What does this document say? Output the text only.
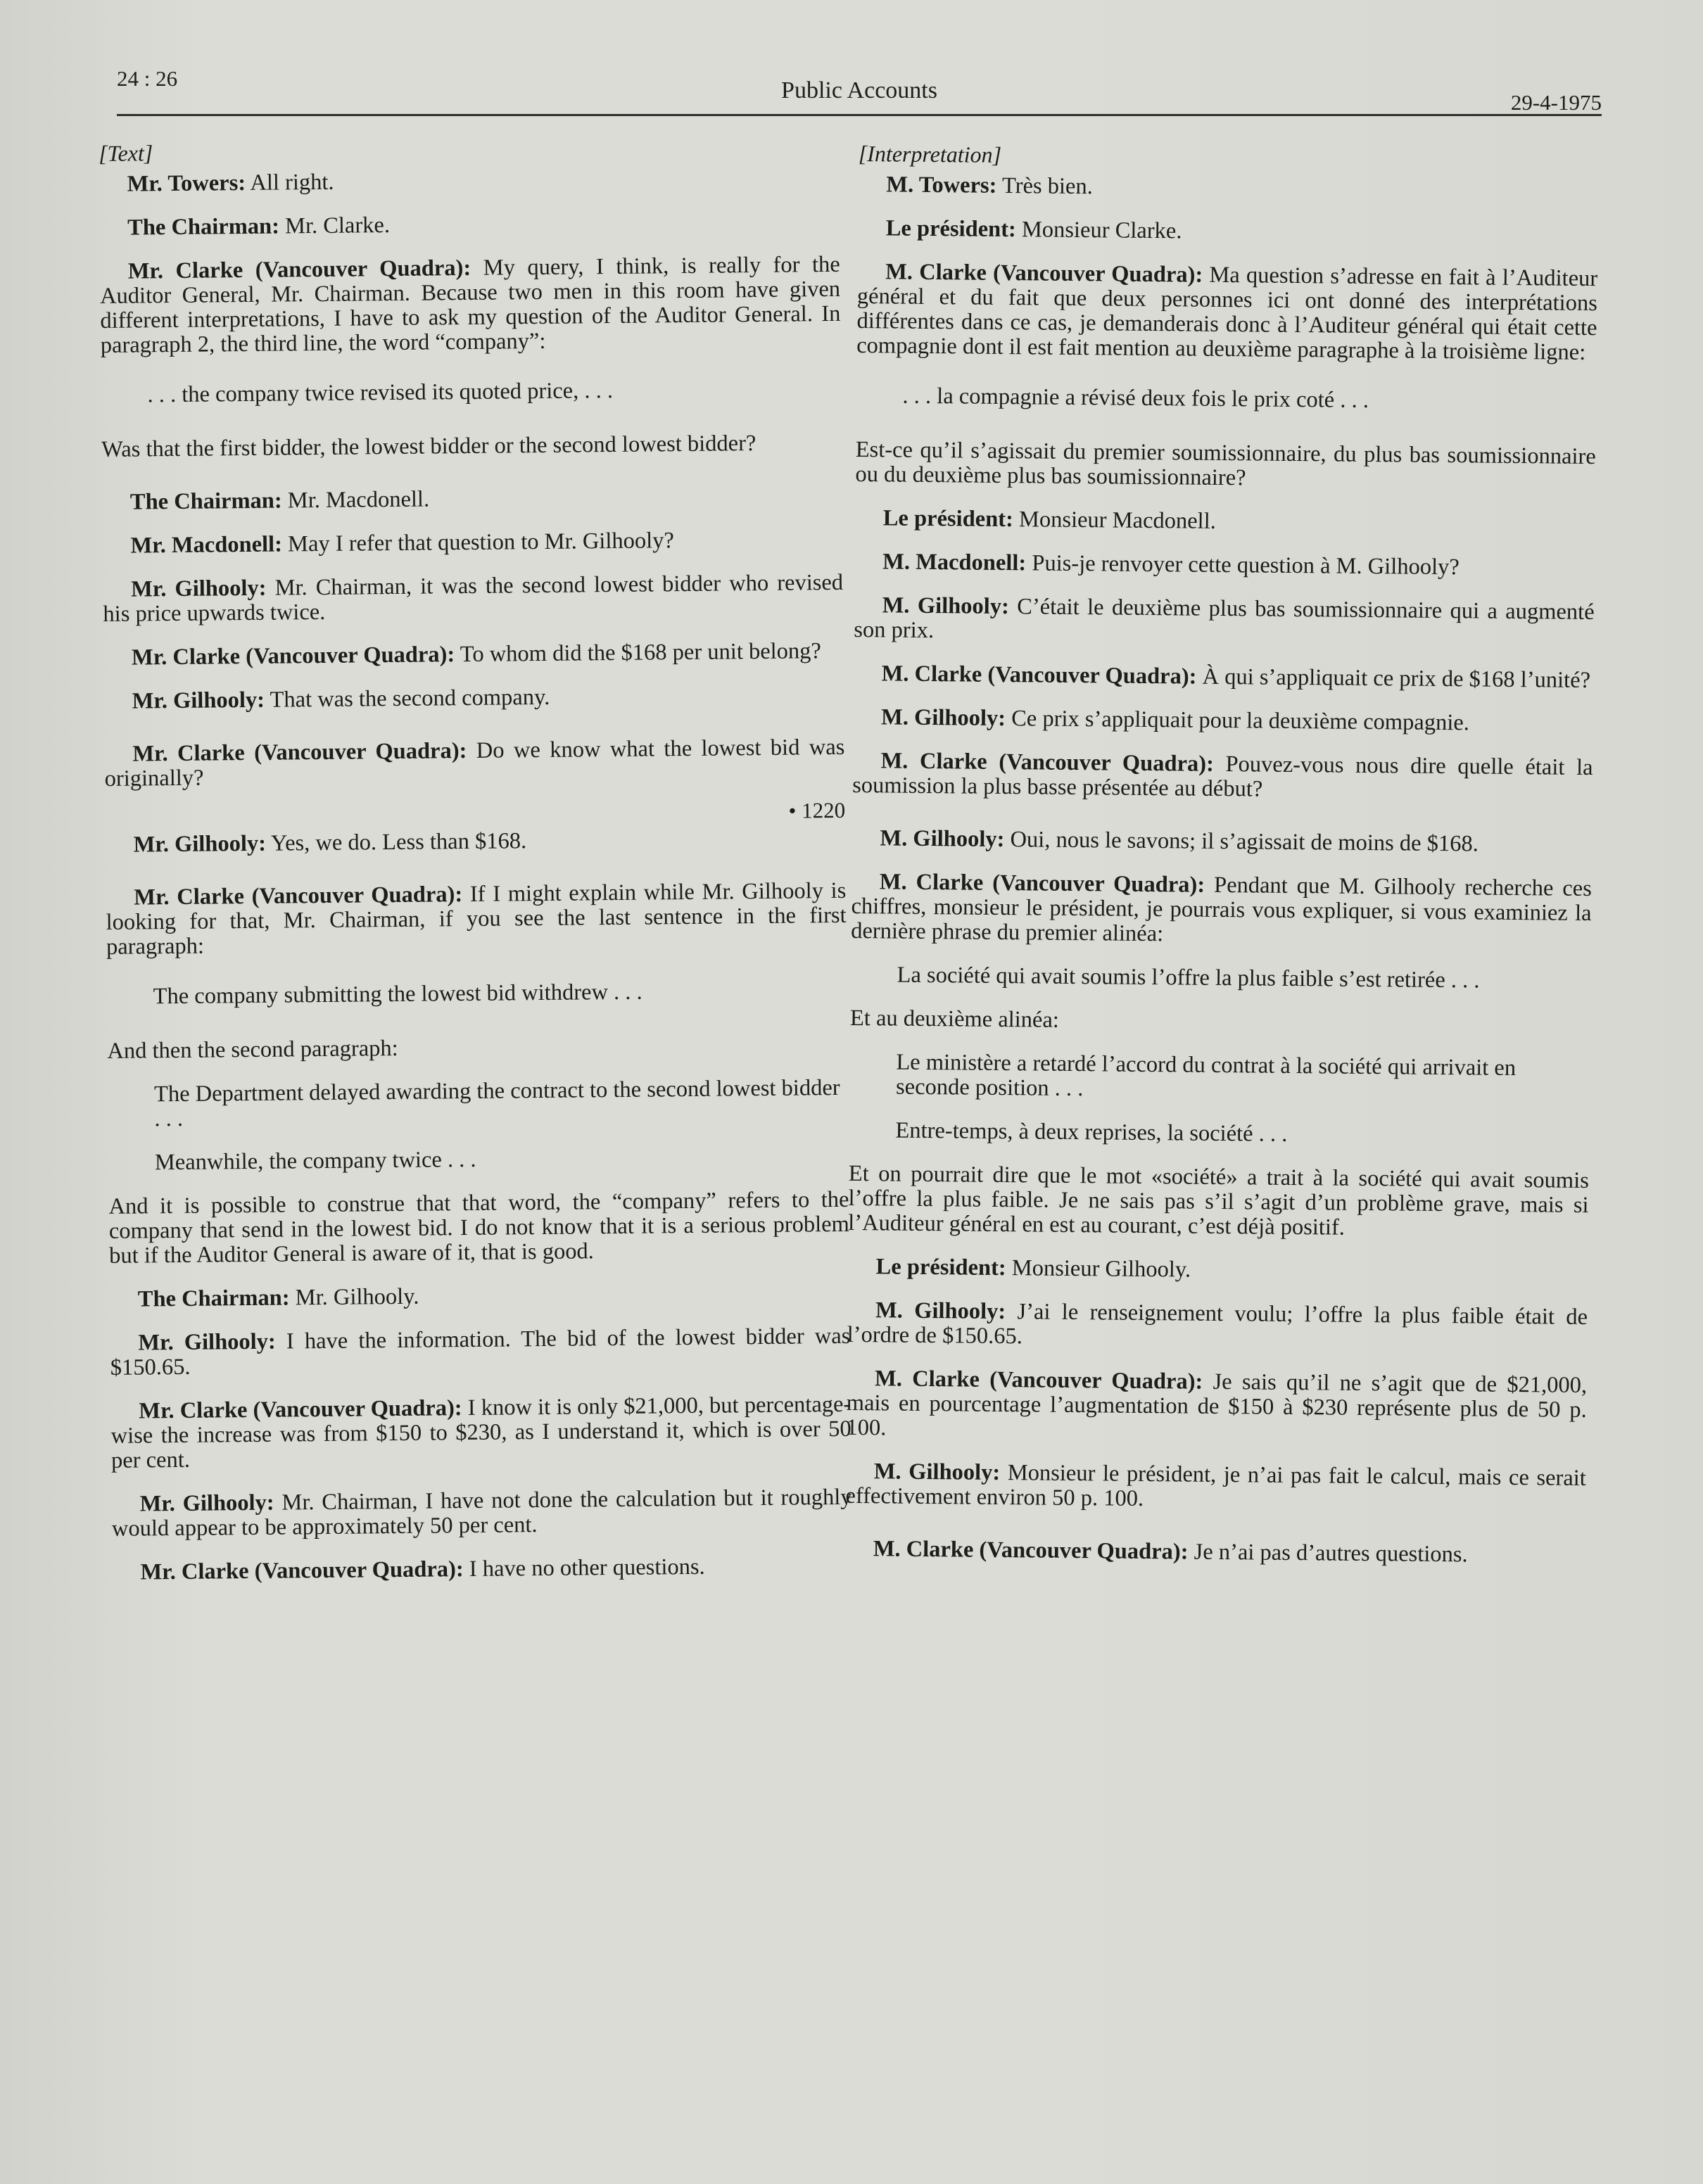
24 : 26	Public Accounts	29-4-1975
[Text]

Mr. Towers: All right.

The Chairman: Mr. Clarke.

Mr. Clarke (Vancouver Quadra): My query, I think, is really for the Auditor General, Mr. Chairman. Because two men in this room have given different interpretations, I have to ask my question of the Auditor General. In paragraph 2, the third line, the word “company”:

. . . the company twice revised its quoted price, . . .

Was that the first bidder, the lowest bidder or the second lowest bidder?

The Chairman: Mr. Macdonell.

Mr. Macdonell: May I refer that question to Mr. Gilhooly?

Mr. Gilhooly: Mr. Chairman, it was the second lowest bidder who revised his price upwards twice.

Mr. Clarke (Vancouver Quadra): To whom did the $168 per unit belong?

Mr. Gilhooly: That was the second company.

Mr. Clarke (Vancouver Quadra): Do we know what the lowest bid was originally?

• 1220

Mr. Gilhooly: Yes, we do. Less than $168.

Mr. Clarke (Vancouver Quadra): If I might explain while Mr. Gilhooly is looking for that, Mr. Chairman, if you see the last sentence in the first paragraph:

The company submitting the lowest bid withdrew . . .

And then the second paragraph:

The Department delayed awarding the contract to the second lowest bidder . . .
Meanwhile, the company twice . . .

And it is possible to construe that that word, the “company” refers to the company that send in the lowest bid. I do not know that it is a serious problem but if the Auditor General is aware of it, that is good.

The Chairman: Mr. Gilhooly.

Mr. Gilhooly: I have the information. The bid of the lowest bidder was $150.65.

Mr. Clarke (Vancouver Quadra): I know it is only $21,000, but percentage-wise the increase was from $150 to $230, as I understand it, which is over 50 per cent.

Mr. Gilhooly: Mr. Chairman, I have not done the calculation but it roughly would appear to be approximately 50 per cent.

Mr. Clarke (Vancouver Quadra): I have no other questions.

[Interpretation]

M. Towers: Très bien.

Le président: Monsieur Clarke.

M. Clarke (Vancouver Quadra): Ma question s’adresse en fait à l’Auditeur général et du fait que deux personnes ici ont donné des interprétations différentes dans ce cas, je demanderais donc à l’Auditeur général qui était cette compagnie dont il est fait mention au deuxième paragraphe à la troisième ligne:

. . . la compagnie a révisé deux fois le prix coté . . .

Est-ce qu’il s’agissait du premier soumissionnaire, du plus bas soumissionnaire ou du deuxième plus bas soumissionnaire?

Le président: Monsieur Macdonell.

M. Macdonell: Puis-je renvoyer cette question à M. Gilhooly?

M. Gilhooly: C’était le deuxième plus bas soumissionnaire qui a augmenté son prix.

M. Clarke (Vancouver Quadra): À qui s’appliquait ce prix de $168 l’unité?

M. Gilhooly: Ce prix s’appliquait pour la deuxième compagnie.

M. Clarke (Vancouver Quadra): Pouvez-vous nous dire quelle était la soumission la plus basse présentée au début?

M. Gilhooly: Oui, nous le savons; il s’agissait de moins de $168.

M. Clarke (Vancouver Quadra): Pendant que M. Gilhooly recherche ces chiffres, monsieur le président, je pourrais vous expliquer, si vous examiniez la dernière phrase du premier alinéa:

La société qui avait soumis l’offre la plus faible s’est retirée . . .

Et au deuxième alinéa:

Le ministère a retardé l’accord du contrat à la société qui arrivait en seconde position . . .
Entre-temps, à deux reprises, la société . . .

Et on pourrait dire que le mot «société» a trait à la société qui avait soumis l’offre la plus faible. Je ne sais pas s’il s’agit d’un problème grave, mais si l’Auditeur général en est au courant, c’est déjà positif.

Le président: Monsieur Gilhooly.

M. Gilhooly: J’ai le renseignement voulu; l’offre la plus faible était de l’ordre de $150.65.

M. Clarke (Vancouver Quadra): Je sais qu’il ne s’agit que de $21,000, mais en pourcentage l’augmentation de $150 à $230 représente plus de 50 p. 100.

M. Gilhooly: Monsieur le président, je n’ai pas fait le calcul, mais ce serait effectivement environ 50 p. 100.

M. Clarke (Vancouver Quadra): Je n’ai pas d’autres questions.
